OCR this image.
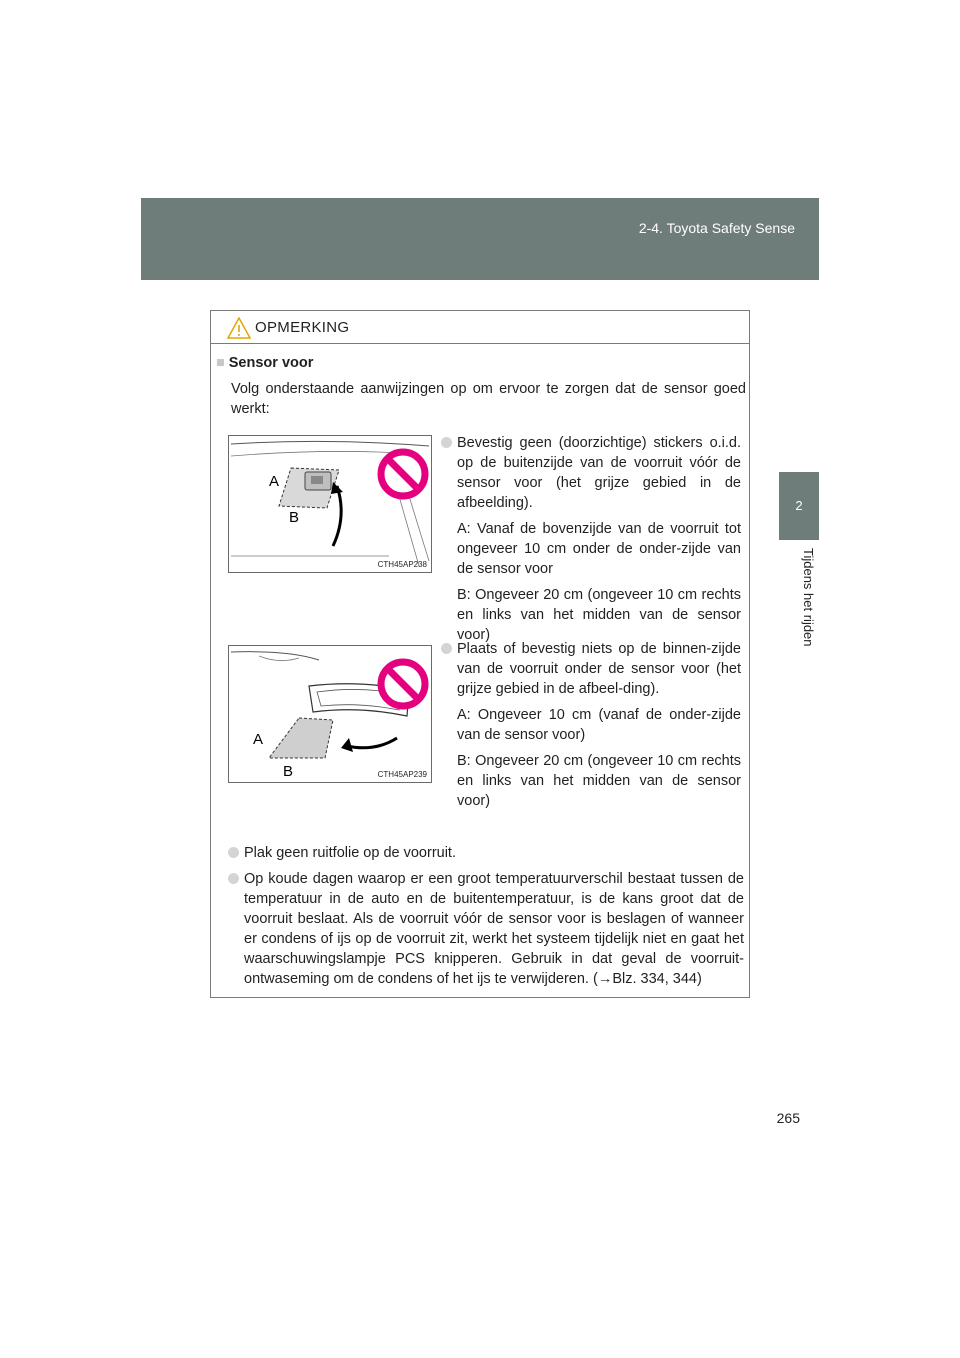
2-4. Toyota Safety Sense
2
Tijdens het rijden
OPMERKING
■ Sensor voor
Volg onderstaande aanwijzingen op om ervoor te zorgen dat de sensor goed werkt:
A
B
CTH45AP238
A
B	CTH45AP239
Bevestig geen (doorzichtige) stickers o.i.d. op de buitenzijde van de voorruit vóór de sensor voor (het grijze gebied in de afbeelding).
A: Vanaf de bovenzijde van de voorruit tot ongeveer 10 cm onder de onder-zijde van de sensor voor
B: Ongeveer 20 cm (ongeveer 10 cm rechts en links van het midden van de sensor voor)
Plaats of bevestig niets op de binnen-zijde van de voorruit onder de sensor voor (het grijze gebied in de afbeel-ding).
A: Ongeveer 10 cm (vanaf de onder-zijde van de sensor voor)
B: Ongeveer 20 cm (ongeveer 10 cm rechts en links van het midden van de sensor voor)
Plak geen ruitfolie op de voorruit.
Op koude dagen waarop er een groot temperatuurverschil bestaat tussen de temperatuur in de auto en de buitentemperatuur, is de kans groot dat de voorruit beslaat. Als de voorruit vóór de sensor voor is beslagen of wanneer er condens of ijs op de voorruit zit, werkt het systeem tijdelijk niet en gaat het waarschuwingslampje PCS knipperen. Gebruik in dat geval de voorruit-ontwaseming om de condens of het ijs te verwijderen. (→Blz. 334, 344)
265
